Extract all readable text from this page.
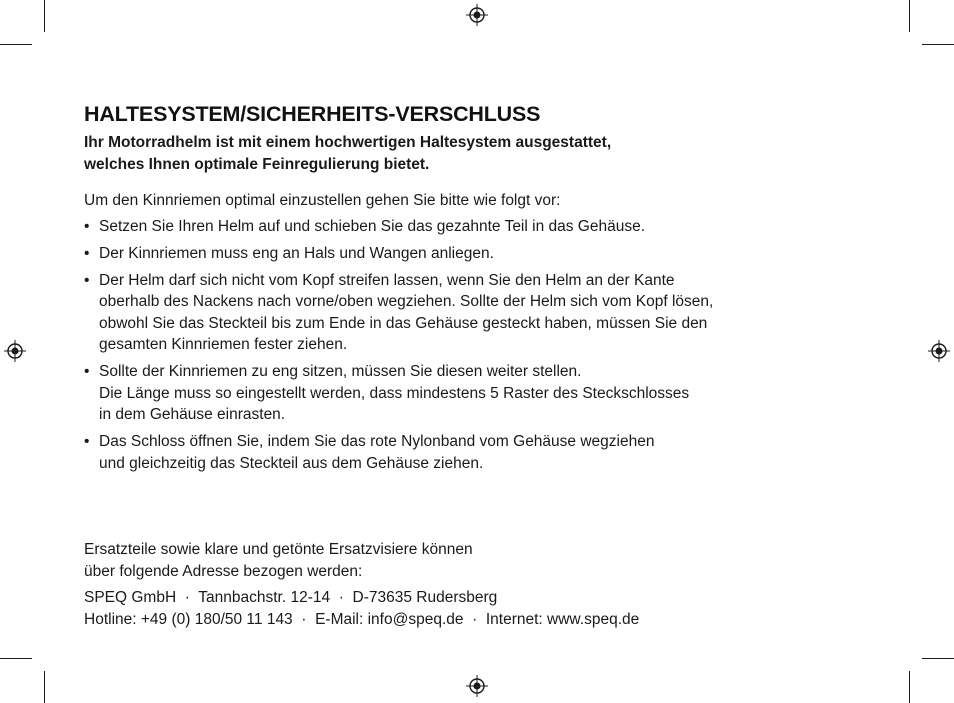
HALTESYSTEM/SICHERHEITS-VERSCHLUSS

Ihr Motorradhelm ist mit einem hochwertigen Haltesystem ausgestattet,
welches Ihnen optimale Feinregulierung bietet.

Um den Kinnriemen optimal einzustellen gehen Sie bitte wie folgt vor:

• Setzen Sie Ihren Helm auf und schieben Sie das gezahnte Teil in das Gehäuse.
• Der Kinnriemen muss eng an Hals und Wangen anliegen.
• Der Helm darf sich nicht vom Kopf streifen lassen, wenn Sie den Helm an der Kante
oberhalb des Nackens nach vorne/oben wegziehen. Sollte der Helm sich vom Kopf lösen,
obwohl Sie das Steckteil bis zum Ende in das Gehäuse gesteckt haben, müssen Sie den
gesamten Kinnriemen fester ziehen.
• Sollte der Kinnriemen zu eng sitzen, müssen Sie diesen weiter stellen.
Die Länge muss so eingestellt werden, dass mindestens 5 Raster des Steckschlosses
in dem Gehäuse einrasten.
• Das Schloss öffnen Sie, indem Sie das rote Nylonband vom Gehäuse wegziehen
und gleichzeitig das Steckteil aus dem Gehäuse ziehen.

Ersatzteile sowie klare und getönte Ersatzvisiere können
über folgende Adresse bezogen werden:

SPEQ GmbH  ·  Tannbachstr. 12-14  ·  D-73635 Rudersberg
Hotline: +49 (0) 180/50 11 143  ·  E-Mail: info@speq.de  ·  Internet: www.speq.de
